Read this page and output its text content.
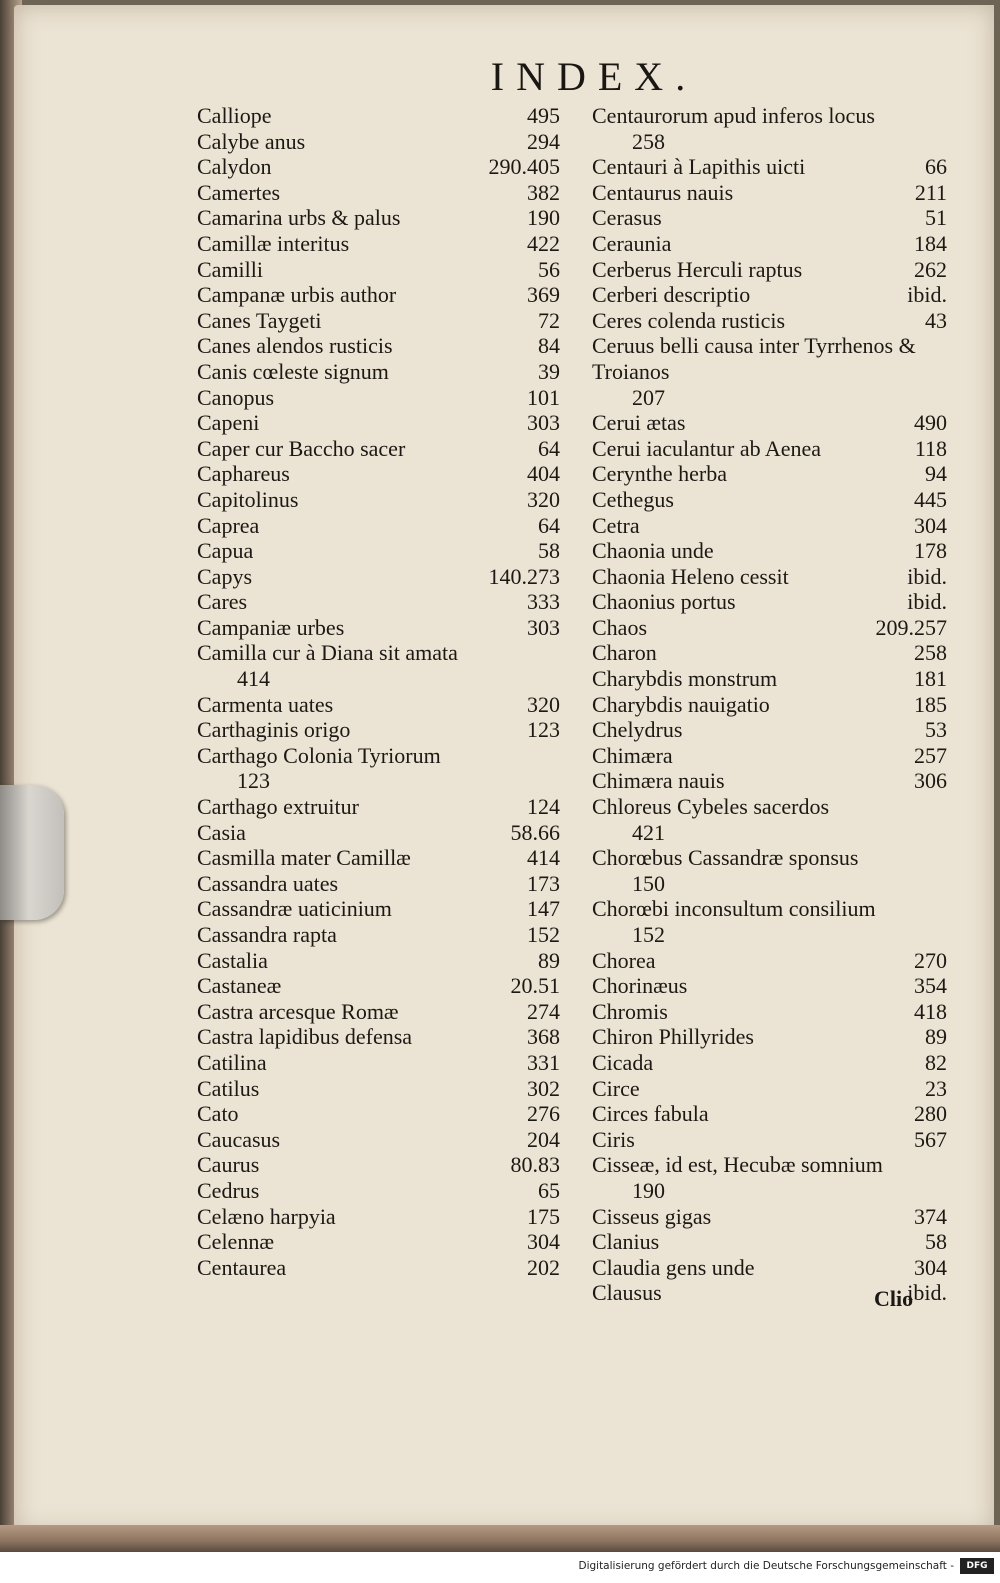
INDEX.
Calliope	495
Calybe anus	294
Calydon	290.405
Camertes	382
Camarina urbs & palus	190
Camillæ interitus	422
Camilli	56
Campanæ urbis author	369
Canes Taygeti	72
Canes alendos rusticis	84
Canis cœleste signum	39
Canopus	101
Capeni	303
Caper cur Baccho sacer	64
Caphareus	404
Capitolinus	320
Caprea	64
Capua	58
Capys	140.273
Cares	333
Campaniæ urbes	303
Camilla cur à Diana sit amata
414
Carmenta uates	320
Carthaginis origo	123
Carthago Colonia Tyriorum
123
Carthago extruitur	124
Casia	58.66
Casmilla mater Camillæ	414
Cassandra uates	173
Cassandræ uaticinium	147
Cassandra rapta	152
Castalia	89
Castaneæ	20.51
Castra arcesque Romæ	274
Castra lapidibus defensa	368
Catilina	331
Catilus	302
Cato	276
Caucasus	204
Caurus	80.83
Cedrus	65
Celæno harpyia	175
Celennæ	304
Centaurea	202
Centaurorum apud inferos locus
258
Centauri à Lapithis uicti	66
Centaurus nauis	211
Cerasus	51
Ceraunia	184
Cerberus Herculi raptus	262
Cerberi descriptio	ibid.
Ceres colenda rusticis	43
Ceruus belli causa inter Tyrrhenos & Troianos
207
Cerui ætas	490
Cerui iaculantur ab Aenea	118
Cerynthe herba	94
Cethegus	445
Cetra	304
Chaonia unde	178
Chaonia Heleno cessit	ibid.
Chaonius portus	ibid.
Chaos	209.257
Charon	258
Charybdis monstrum	181
Charybdis nauigatio	185
Chelydrus	53
Chimæra	257
Chimæra nauis	306
Chloreus Cybeles sacerdos
421
Chorœbus Cassandræ sponsus
150
Chorœbi inconsultum consilium
152
Chorea	270
Chorinæus	354
Chromis	418
Chiron Phillyrides	89
Cicada	82
Circe	23
Circes fabula	280
Ciris	567
Cisseæ, id est, Hecubæ somnium
190
Cisseus gigas	374
Clanius	58
Claudia gens unde	304
Clausus	ibid.
Clio
Digitalisierung gefördert durch die Deutsche Forschungsgemeinschaft -	DFG
